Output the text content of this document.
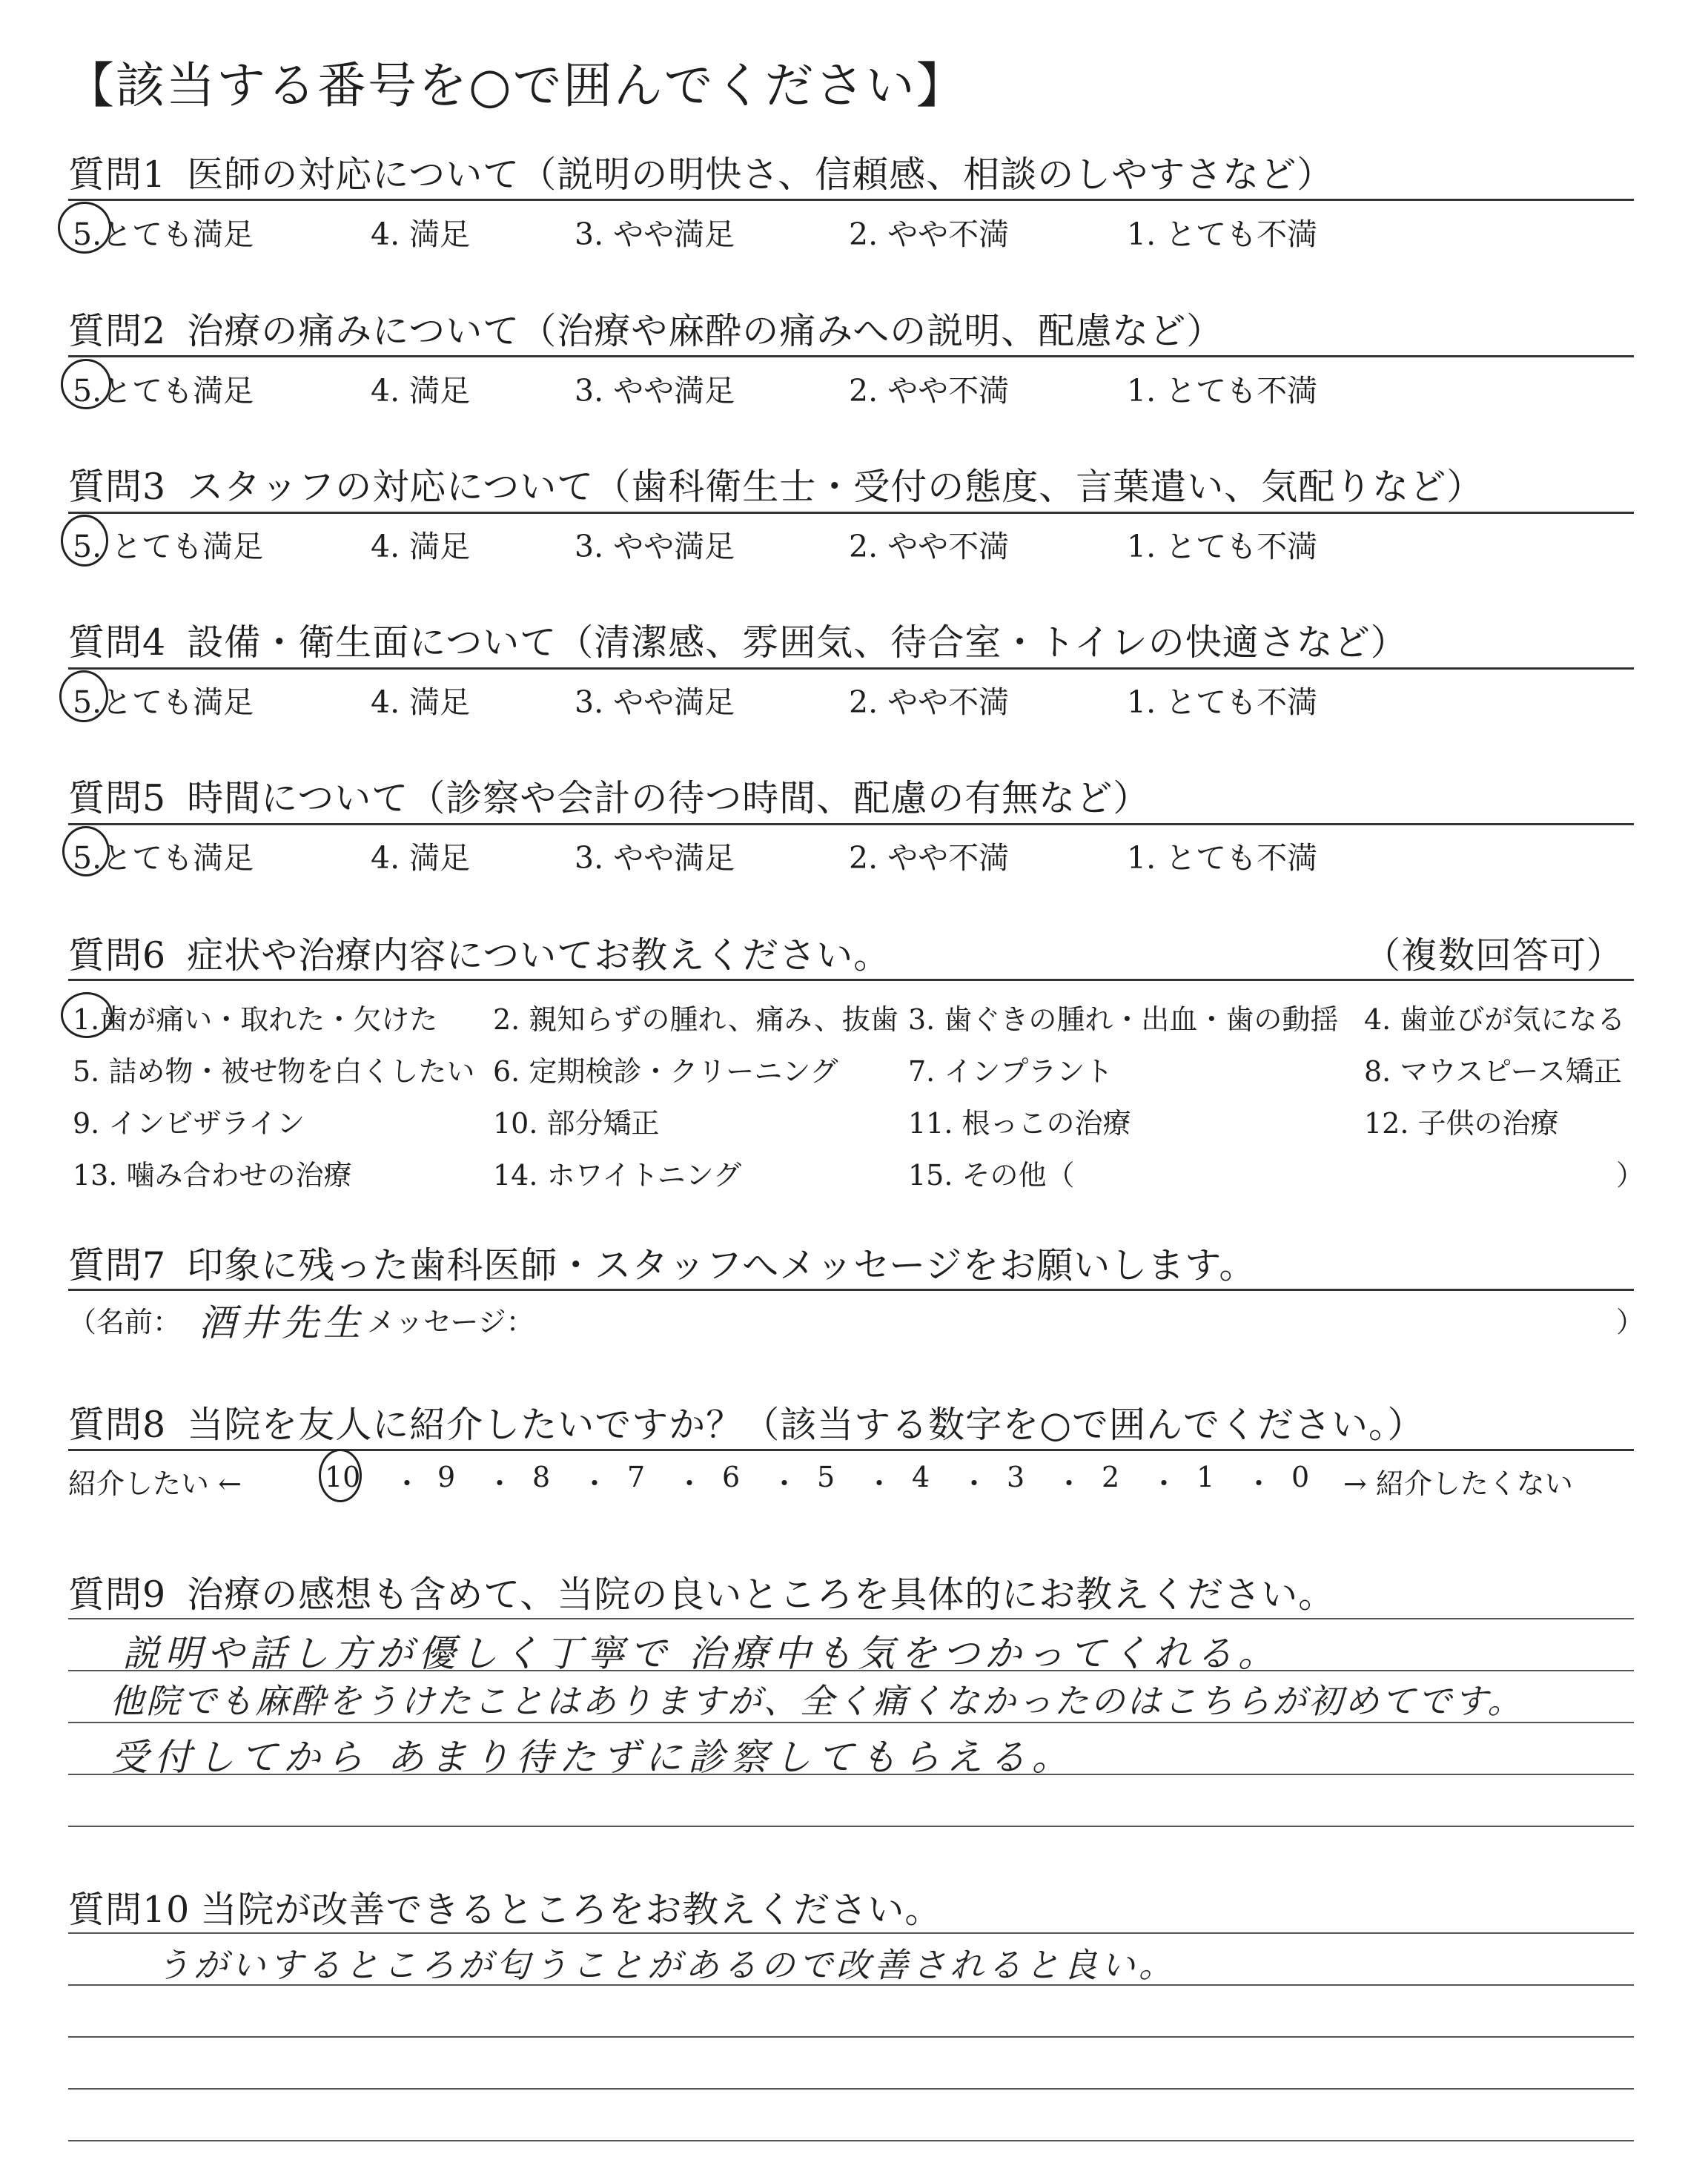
【該当する番号を○で囲んでください】
質問1 医師の対応について（説明の明快さ、信頼感、相談のしやすさなど）
5.とても満足	4. 満足	3. やや満足	2. やや不満	1. とても不満
質問2 治療の痛みについて（治療や麻酔の痛みへの説明、配慮など）
5.とても満足	4. 満足	3. やや満足	2. やや不満	1. とても不満
質問3 スタッフの対応について（歯科衛生士・受付の態度、言葉遣い、気配りなど）
5. とても満足	4. 満足	3. やや満足	2. やや不満	1. とても不満
質問4 設備・衛生面について（清潔感、雰囲気、待合室・トイレの快適さなど）
5.とても満足	4. 満足	3. やや満足	2. やや不満	1. とても不満
質問5 時間について（診察や会計の待つ時間、配慮の有無など）
5.とても満足	4. 満足	3. やや満足	2. やや不満	1. とても不満
質問6 症状や治療内容についてお教えください。	（複数回答可）
1.歯が痛い・取れた・欠けた 2. 親知らずの腫れ、痛み、抜歯 3. 歯ぐきの腫れ・出血・歯の動揺 4. 歯並びが気になる
5. 詰め物・被せ物を白くしたい 6. 定期検診・クリーニング 7. インプラント	8. マウスピース矯正
9. インビザライン	10. 部分矯正	11. 根っこの治療	12. 子供の治療
13. 噛み合わせの治療	14. ホワイトニング	15. その他（	）
質問7 印象に残った歯科医師・スタッフへメッセージをお願いします。
（名前： 酒井先生 メッセージ：	）
質問8 当院を友人に紹介したいですか？（該当する数字を○で囲んでください。）
紹介したい ←	10 ・ 9 ・ 8 ・ 7 ・ 6 ・ 5 ・ 4 ・ 3 ・ 2 ・ 1 ・ 0 → 紹介したくない
質問9 治療の感想も含めて、当院の良いところを具体的にお教えください。
説明や話し方が優しく丁寧で 治療中も気をつかってくれる。
他院でも麻酔をうけたことはありますが、全く痛くなかったのはこちらが初めてです。
受付してから あまり待たずに診察してもらえる。
質問10 当院が改善できるところをお教えください。
うがいするところが匂うことがあるので改善されると良い。
